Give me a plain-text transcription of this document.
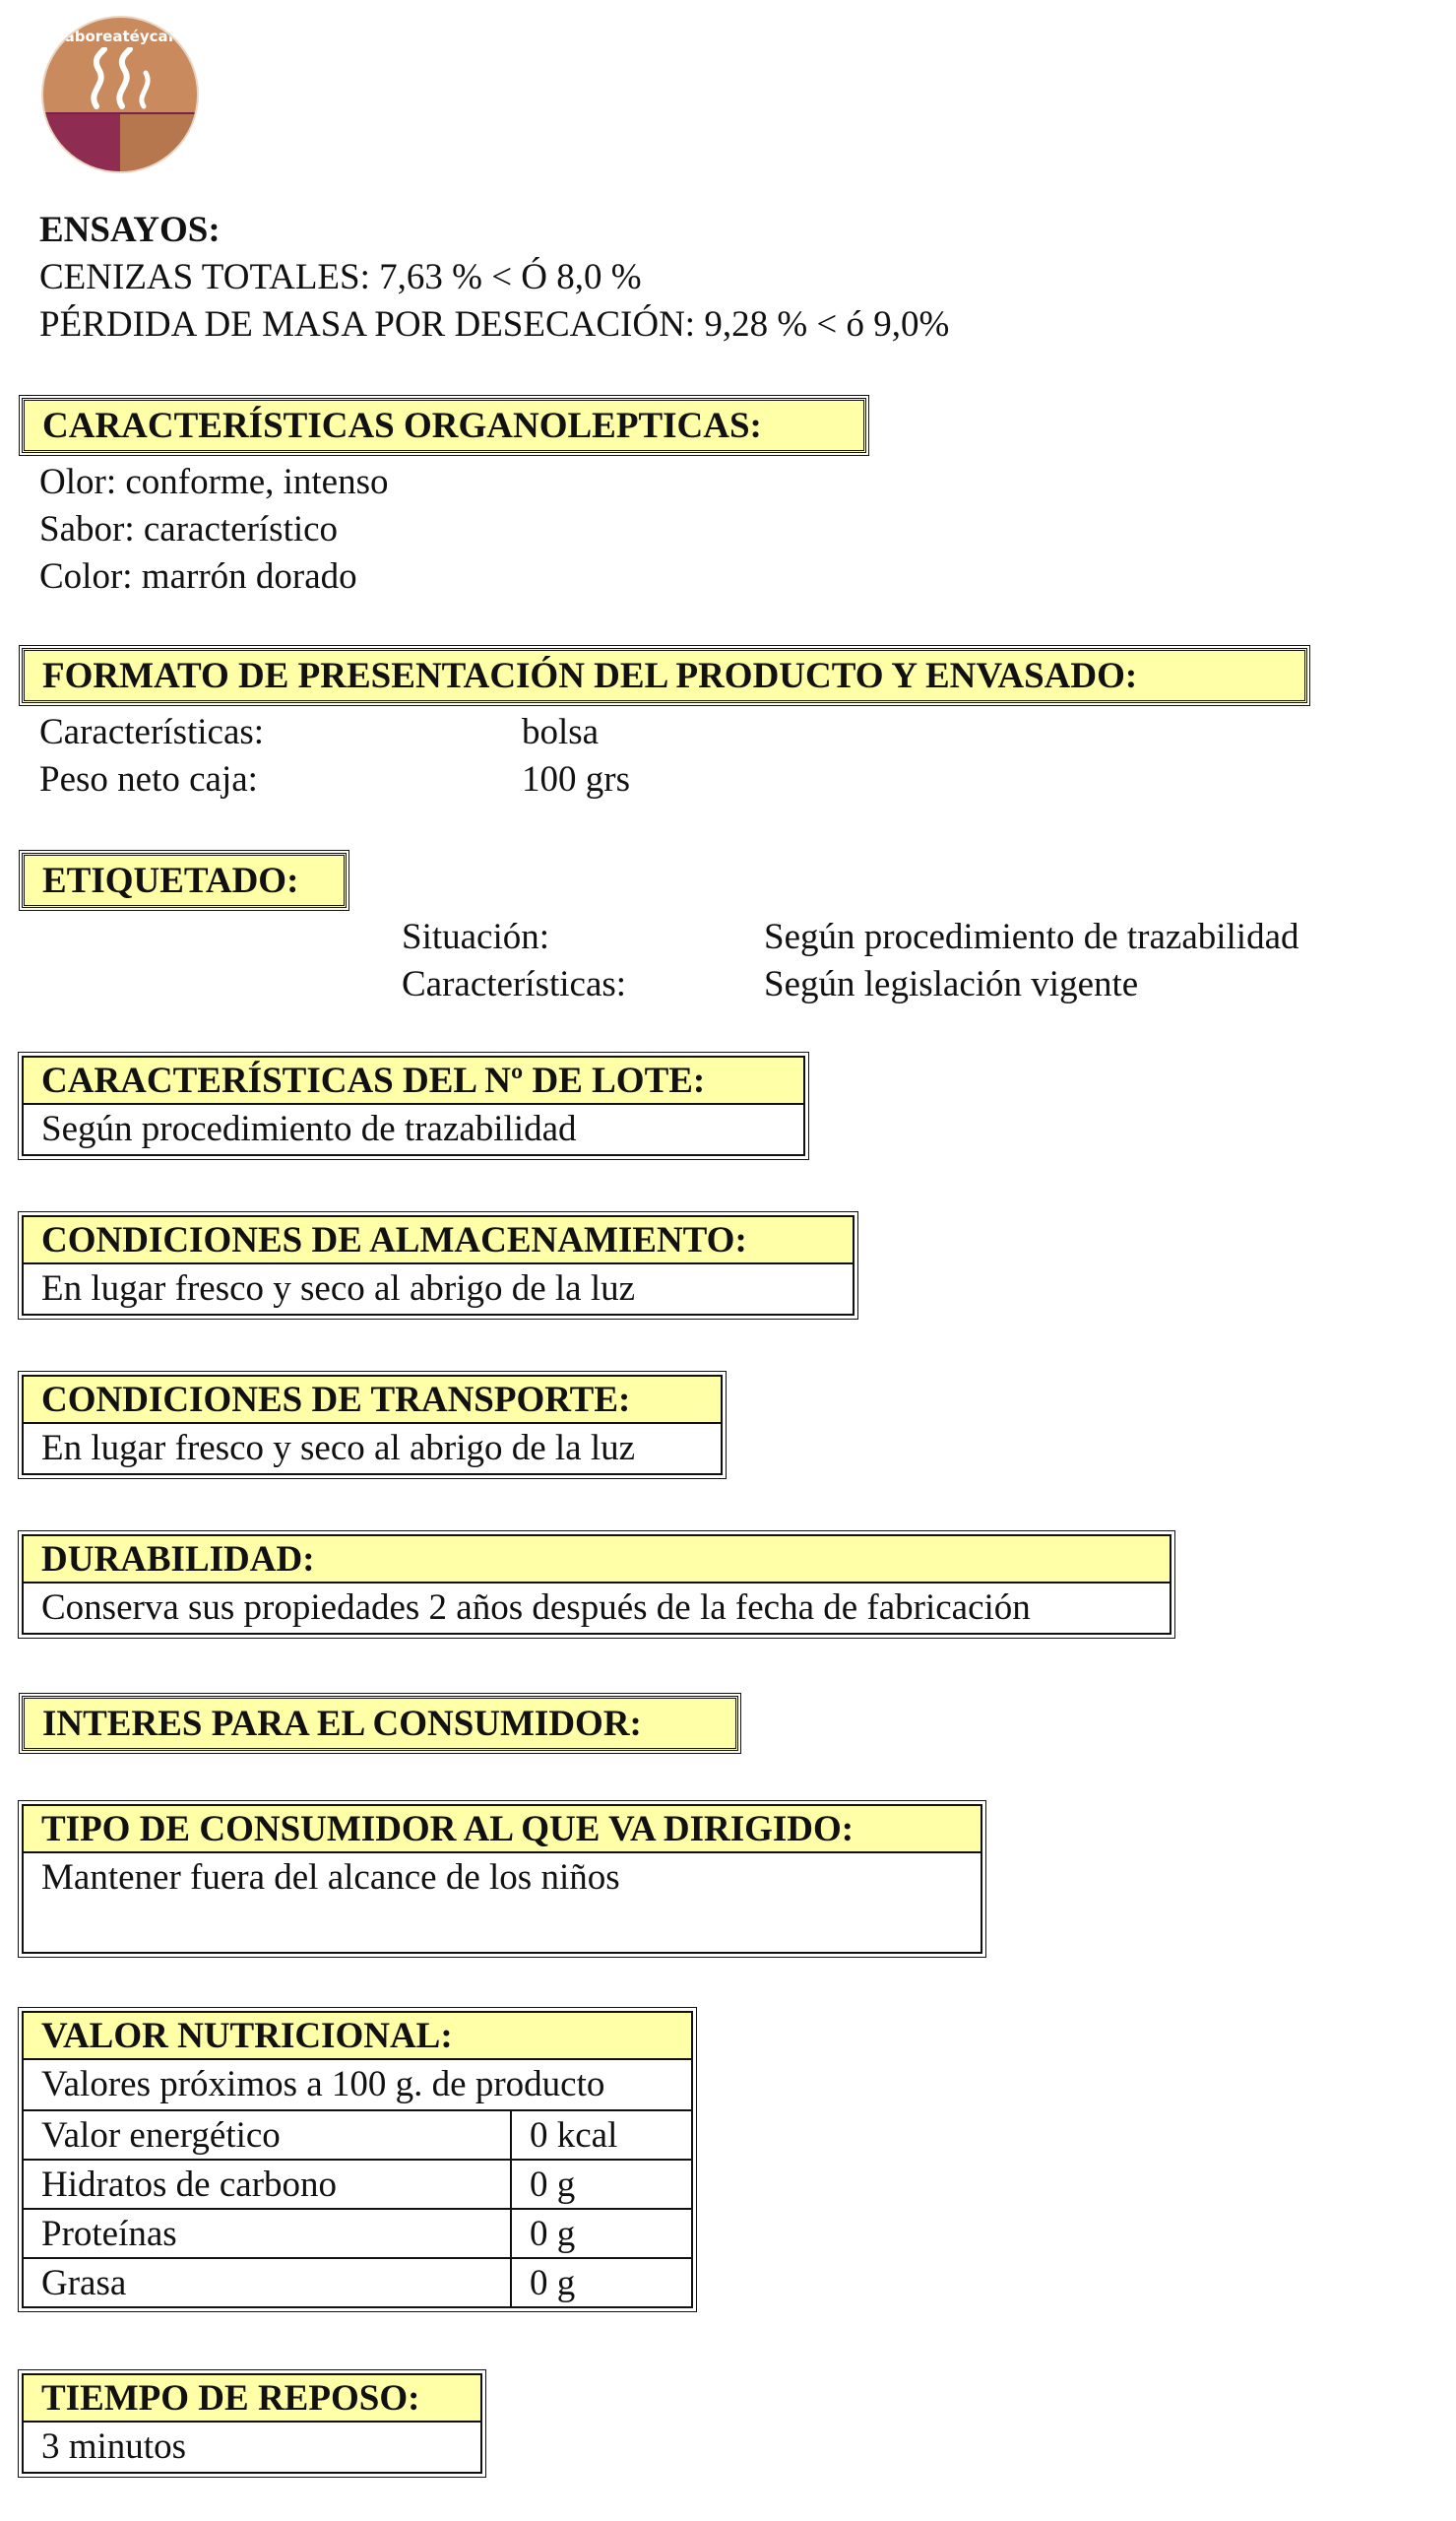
saboreatéycafé
ENSAYOS:
CENIZAS TOTALES: 7,63 % < Ó 8,0 %
PÉRDIDA DE MASA POR DESECACIÓN: 9,28 % < ó 9,0%
CARACTERÍSTICAS ORGANOLEPTICAS:
Olor: conforme, intenso
Sabor: característico
Color: marrón dorado
FORMATO DE PRESENTACIÓN DEL PRODUCTO Y ENVASADO:
Características:	bolsa
Peso neto caja:	100 grs
ETIQUETADO:
Situación:	Según procedimiento de trazabilidad
Características:	Según legislación vigente
CARACTERÍSTICAS DEL Nº DE LOTE:
Según procedimiento de trazabilidad
CONDICIONES DE ALMACENAMIENTO:
En lugar fresco y seco al abrigo de la luz
CONDICIONES DE TRANSPORTE:
En lugar fresco y seco al abrigo de la luz
DURABILIDAD:
Conserva sus propiedades 2 años después de la fecha de fabricación
INTERES PARA EL CONSUMIDOR:
TIPO DE CONSUMIDOR AL QUE VA DIRIGIDO:
Mantener fuera del alcance de los niños
VALOR NUTRICIONAL:
Valores próximos a 100 g. de producto
Valor energético	0 kcal
Hidratos de carbono	0 g
Proteínas	0 g
Grasa	0 g
TIEMPO DE REPOSO:
3 minutos
